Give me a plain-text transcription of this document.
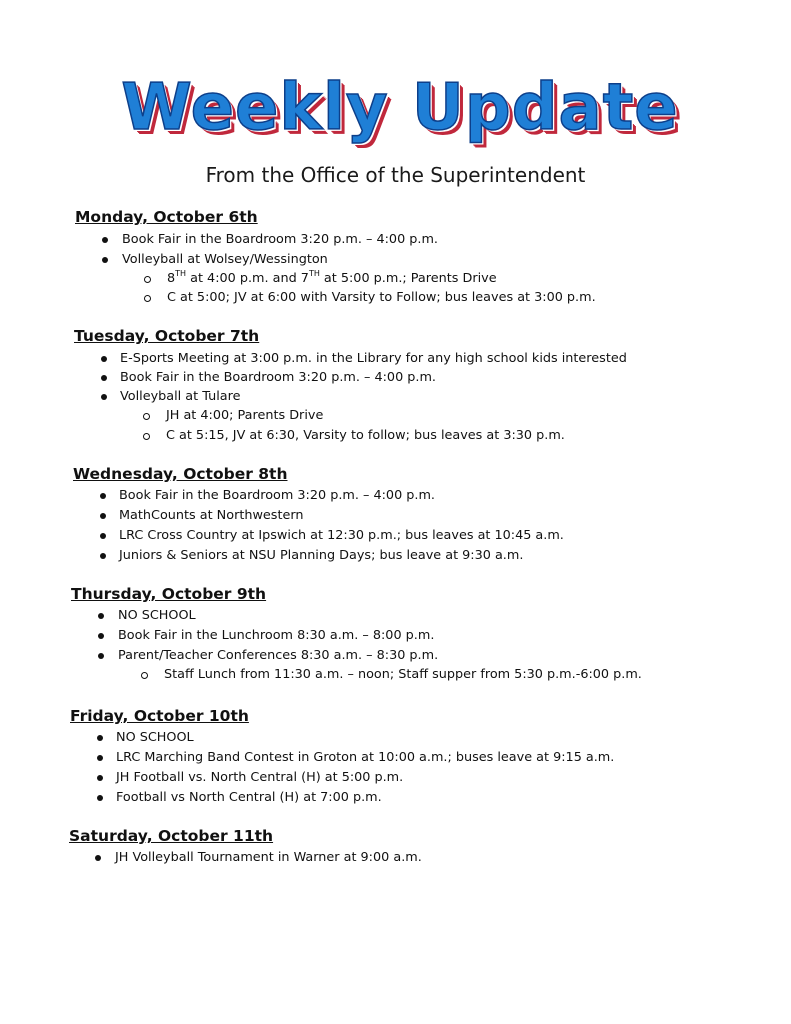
Weekly Update
From the Office of the Superintendent
Monday, October 6th
Book Fair in the Boardroom 3:20 p.m. – 4:00 p.m.
Volleyball at Wolsey/Wessington
8TH at 4:00 p.m. and 7TH at 5:00 p.m.; Parents Drive
C at 5:00; JV at 6:00 with Varsity to Follow; bus leaves at 3:00 p.m.
Tuesday, October 7th
E-Sports Meeting at 3:00 p.m. in the Library for any high school kids interested
Book Fair in the Boardroom 3:20 p.m. – 4:00 p.m.
Volleyball at Tulare
JH at 4:00; Parents Drive
C at 5:15, JV at 6:30, Varsity to follow; bus leaves at 3:30 p.m.
Wednesday, October 8th
Book Fair in the Boardroom 3:20 p.m. – 4:00 p.m.
MathCounts at Northwestern
LRC Cross Country at Ipswich at 12:30 p.m.; bus leaves at 10:45 a.m.
Juniors & Seniors at NSU Planning Days; bus leave at 9:30 a.m.
Thursday, October 9th
NO SCHOOL
Book Fair in the Lunchroom 8:30 a.m. – 8:00 p.m.
Parent/Teacher Conferences 8:30 a.m. – 8:30 p.m.
Staff Lunch from 11:30 a.m. – noon; Staff supper from 5:30 p.m.-6:00 p.m.
Friday, October 10th
NO SCHOOL
LRC Marching Band Contest in Groton at 10:00 a.m.; buses leave at 9:15 a.m.
JH Football vs. North Central (H) at 5:00 p.m.
Football vs North Central (H) at 7:00 p.m.
Saturday, October 11th
JH Volleyball Tournament in Warner at 9:00 a.m.
